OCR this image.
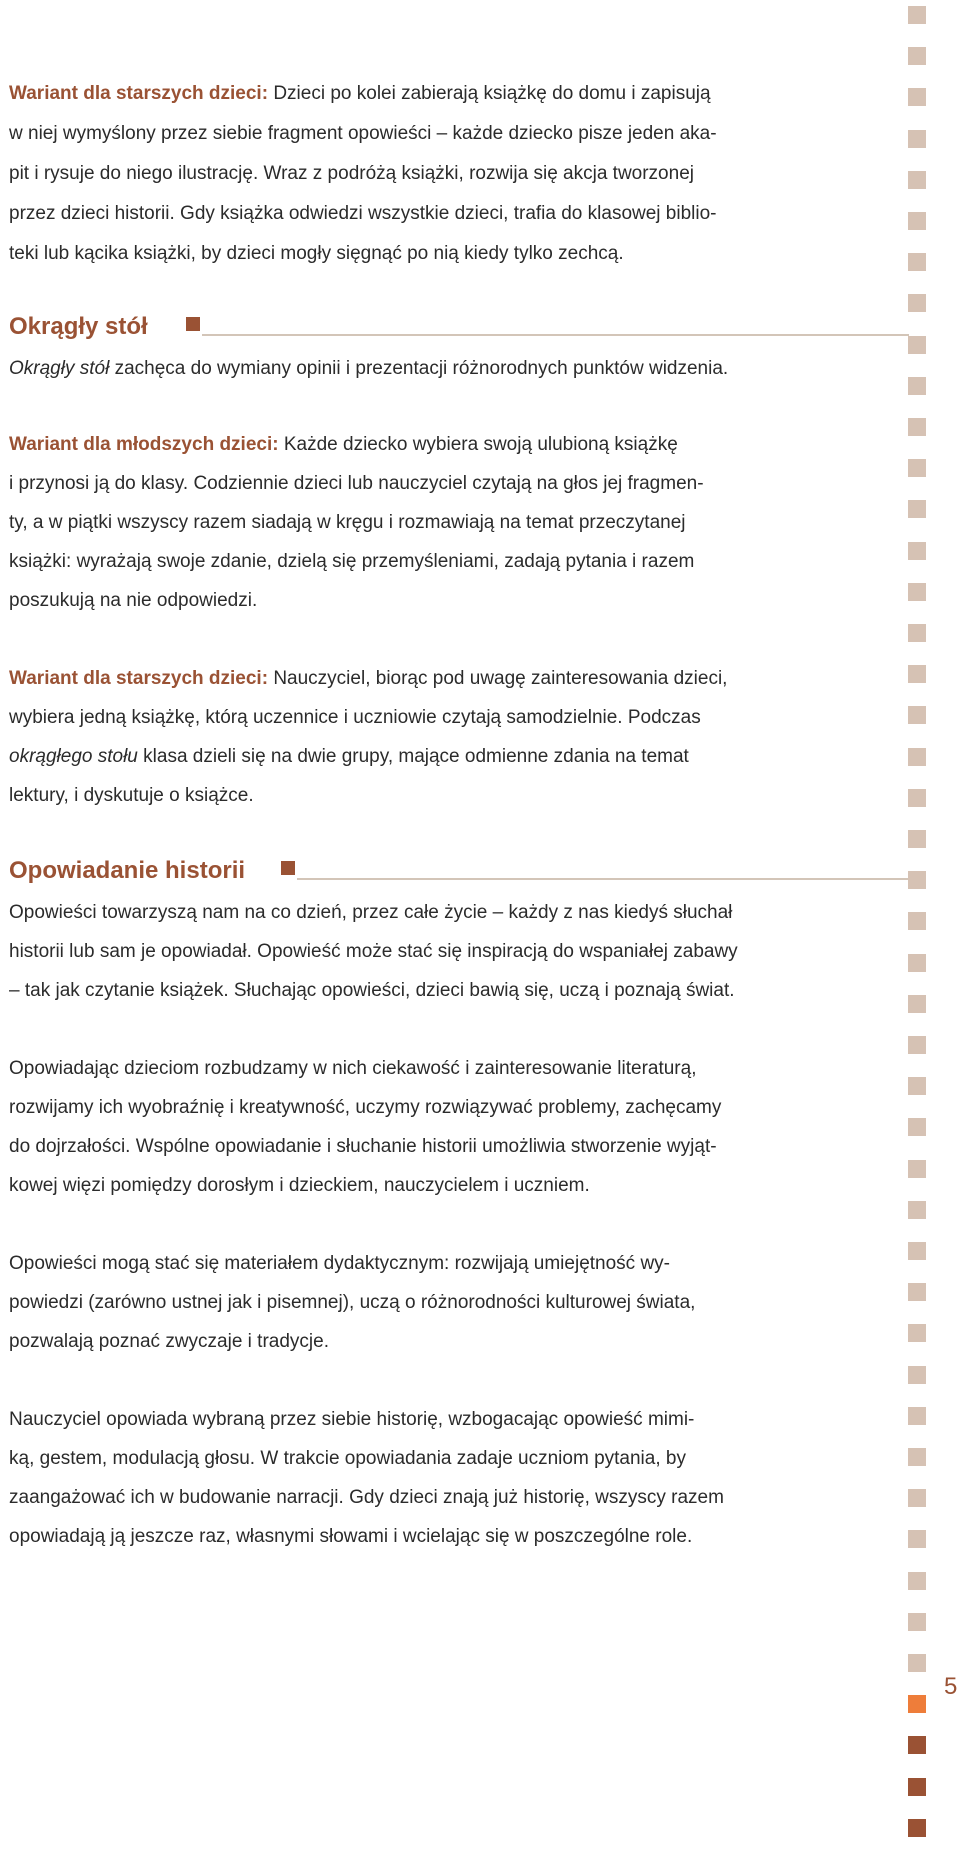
Wariant dla starszych dzieci: Dzieci po kolei zabierają książkę do domu i zapisują

w niej wymyślony przez siebie fragment opowieści – każde dziecko pisze jeden aka-

pit i rysuje do niego ilustrację. Wraz z podróżą książki, rozwija się akcja tworzonej

przez dzieci historii. Gdy książka odwiedzi wszystkie dzieci, trafia do klasowej biblio-

teki lub kącika książki, by dzieci mogły sięgnąć po nią kiedy tylko zechcą.

Okrągły stół

Okrągły stół zachęca do wymiany opinii i prezentacji różnorodnych punktów widzenia.

Wariant dla młodszych dzieci: Każde dziecko wybiera swoją ulubioną książkę

i przynosi ją do klasy. Codziennie dzieci lub nauczyciel czytają na głos jej fragmen-

ty, a w piątki wszyscy razem siadają w kręgu i rozmawiają na temat przeczytanej

książki: wyrażają swoje zdanie, dzielą się przemyśleniami, zadają pytania i razem

poszukują na nie odpowiedzi.

Wariant dla starszych dzieci: Nauczyciel, biorąc pod uwagę zainteresowania dzieci,

wybiera jedną książkę, którą uczennice i uczniowie czytają samodzielnie. Podczas

okrągłego stołu klasa dzieli się na dwie grupy, mające odmienne zdania na temat

lektury, i dyskutuje o książce.

Opowiadanie historii

Opowieści towarzyszą nam na co dzień, przez całe życie – każdy z nas kiedyś słuchał

historii lub sam je opowiadał. Opowieść może stać się inspiracją do wspaniałej zabawy

– tak jak czytanie książek. Słuchając opowieści, dzieci bawią się, uczą i poznają świat.

Opowiadając dzieciom rozbudzamy w nich ciekawość i zainteresowanie literaturą,

rozwijamy ich wyobraźnię i kreatywność, uczymy rozwiązywać problemy, zachęcamy

do dojrzałości. Wspólne opowiadanie i słuchanie historii umożliwia stworzenie wyjąt-

kowej więzi pomiędzy dorosłym i dzieckiem, nauczycielem i uczniem.

Opowieści mogą stać się materiałem dydaktycznym: rozwijają umiejętność wy-

powiedzi (zarówno ustnej jak i pisemnej), uczą o różnorodności kulturowej świata,

pozwalają poznać zwyczaje i tradycje.

Nauczyciel opowiada wybraną przez siebie historię, wzbogacając opowieść mimi-

ką, gestem, modulacją głosu. W trakcie opowiadania zadaje uczniom pytania, by

zaangażować ich w budowanie narracji. Gdy dzieci znają już historię, wszyscy razem

opowiadają ją jeszcze raz, własnymi słowami i wcielając się w poszczególne role.

5
